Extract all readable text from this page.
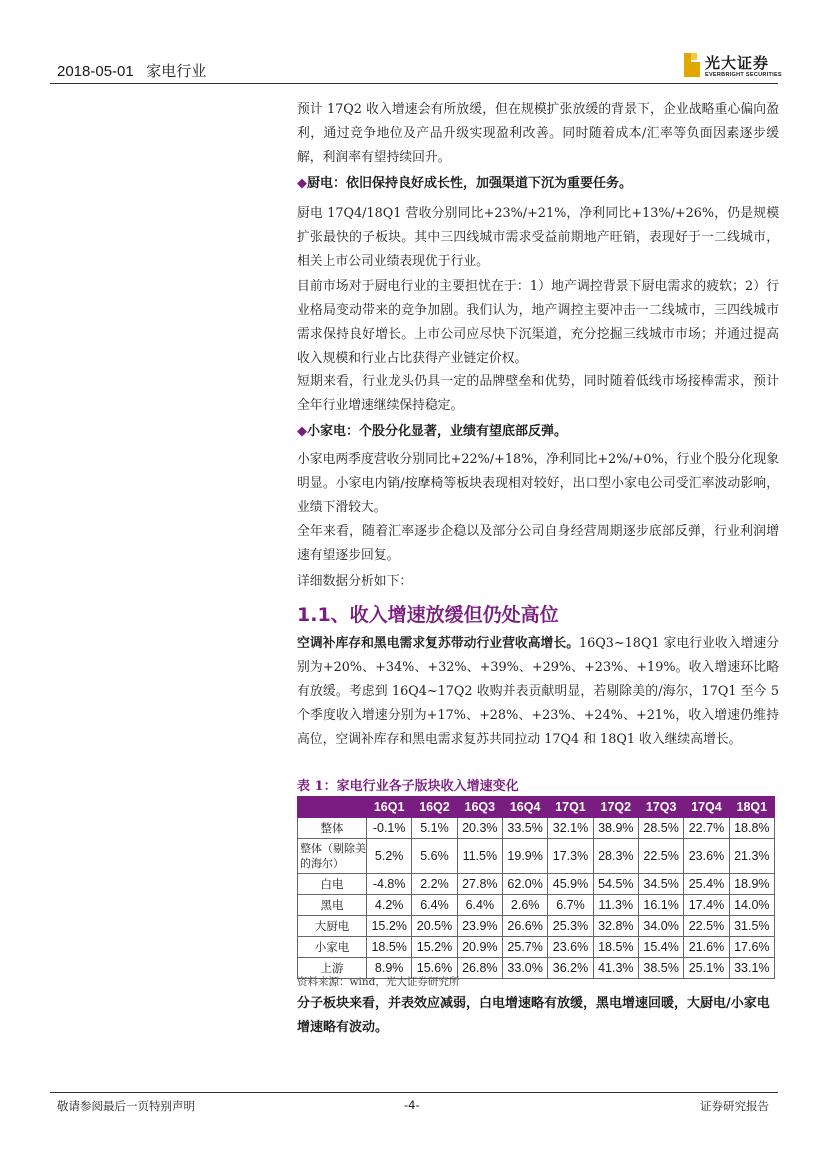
2018-05-01 家电行业	光大证券
EVERBRIGHT SECURITIES
预计 17Q2 收入增速会有所放缓，但在规模扩张放缓的背景下，企业战略重心偏向盈利，通过竞争地位及产品升级实现盈利改善。同时随着成本/汇率等负面因素逐步缓解，利润率有望持续回升。
◆厨电：依旧保持良好成长性，加强渠道下沉为重要任务。
厨电 17Q4/18Q1 营收分别同比+23%/+21%，净利同比+13%/+26%，仍是规模扩张最快的子板块。其中三四线城市需求受益前期地产旺销，表现好于一二线城市，相关上市公司业绩表现优于行业。
目前市场对于厨电行业的主要担忧在于：1）地产调控背景下厨电需求的疲软；2）行业格局变动带来的竞争加剧。我们认为，地产调控主要冲击一二线城市，三四线城市需求保持良好增长。上市公司应尽快下沉渠道，充分挖掘三线城市市场；并通过提高收入规模和行业占比获得产业链定价权。
短期来看，行业龙头仍具一定的品牌壁垒和优势，同时随着低线市场接棒需求，预计全年行业增速继续保持稳定。
◆小家电：个股分化显著，业绩有望底部反弹。
小家电两季度营收分别同比+22%/+18%，净利同比+2%/+0%，行业个股分化现象明显。小家电内销/按摩椅等板块表现相对较好，出口型小家电公司受汇率波动影响，业绩下滑较大。
全年来看，随着汇率逐步企稳以及部分公司自身经营周期逐步底部反弹，行业利润增速有望逐步回复。
详细数据分析如下：
1.1、收入增速放缓但仍处高位
空调补库存和黑电需求复苏带动行业营收高增长。16Q3~18Q1 家电行业收入增速分别为+20%、+34%、+32%、+39%、+29%、+23%、+19%。收入增速环比略有放缓。考虑到 16Q4~17Q2 收购并表贡献明显，若剔除美的/海尔，17Q1 至今 5 个季度收入增速分别为+17%、+28%、+23%、+24%、+21%，收入增速仍维持高位，空调补库存和黑电需求复苏共同拉动 17Q4 和 18Q1 收入继续高增长。
表 1：家电行业各子版块收入增速变化
	16Q1	16Q2	16Q3	16Q4	17Q1	17Q2	17Q3	17Q4	18Q1
整体	-0.1%	5.1%	20.3%	33.5%	32.1%	38.9%	28.5%	22.7%	18.8%
整体（剔除美的海尔）	5.2%	5.6%	11.5%	19.9%	17.3%	28.3%	22.5%	23.6%	21.3%
白电	-4.8%	2.2%	27.8%	62.0%	45.9%	54.5%	34.5%	25.4%	18.9%
黑电	4.2%	6.4%	6.4%	2.6%	6.7%	11.3%	16.1%	17.4%	14.0%
大厨电	15.2%	20.5%	23.9%	26.6%	25.3%	32.8%	34.0%	22.5%	31.5%
小家电	18.5%	15.2%	20.9%	25.7%	23.6%	18.5%	15.4%	21.6%	17.6%
上游	8.9%	15.6%	26.8%	33.0%	36.2%	41.3%	38.5%	25.1%	33.1%
资料来源：wind，光大证券研究所
分子板块来看，并表效应减弱，白电增速略有放缓，黑电增速回暖，大厨电/小家电增速略有波动。
敬请参阅最后一页特别声明	-4-	证券研究报告
